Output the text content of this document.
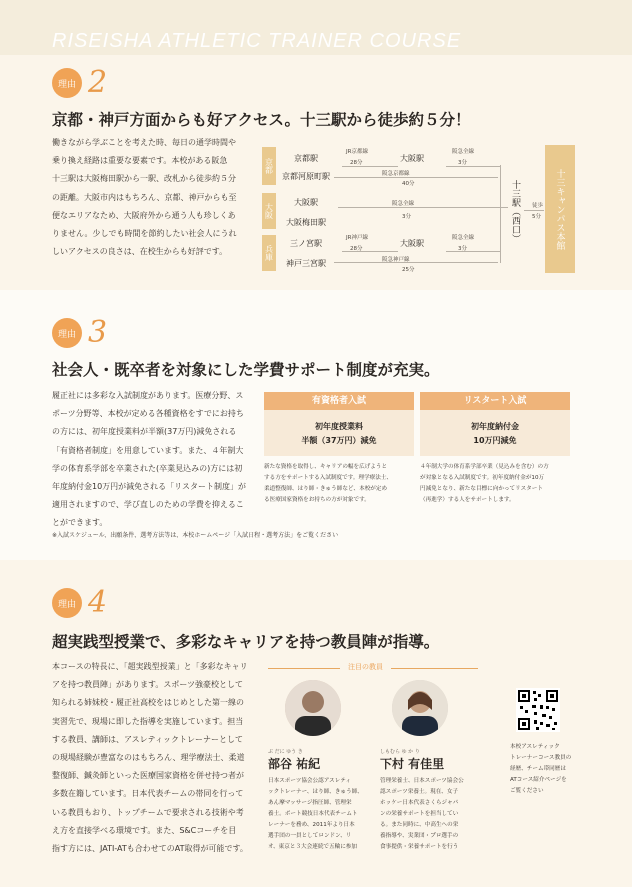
RISEISHA ATHLETIC TRAINER COURSE
理由 2
京都・神戸方面からも好アクセス。十三駅から徒歩約５分！
働きながら学ぶことを考えた時、毎日の通学時間や
乗り換え経路は重要な要素です。本校がある阪急
十三駅は大阪梅田駅から一駅、改札から徒歩約５分
の距離。大阪市内はもちろん、京都、神戸からも至
便なエリアなため、大阪府外から通う人も珍しくあ
りません。少しでも時間を節約したい社会人にうれ
しいアクセスの良さは、在校生からも好評です。
京都
大阪
兵庫
京都駅
京都河原町駅
大阪駅
大阪梅田駅
三ノ宮駅
神戸三宮駅
JR京都線
28分
阪急京都線
40分
阪急全線
3分
阪急全線
3分
JR神戸線
28分
阪急全線
3分
阪急神戸線
25分
大阪駅
大阪駅
十三駅（西口）	徒歩
5分	十三キャンパス本館
理由 3
社会人・既卒者を対象にした学費サポート制度が充実。
履正社には多彩な入試制度があります。医療分野、ス
ポーツ分野等、本校が定める各種資格をすでにお持ち
の方には、初年度授業料が半額(37万円)減免される
「有資格者制度」を用意しています。また、４年制大
学の体育系学部を卒業された(卒業見込みの)方には初
年度納付金10万円が減免される「リスタート制度」が
適用されますので、学び直しのための学費を抑えるこ
とができます。
有資格者入試
初年度授業料
半額（37万円）減免
新たな資格を取得し、キャリアの幅を広げようと
する方をサポートする入試制度です。理学療法士、
柔道整復師、はり師・きゅう師など、本校が定め
る医療国家資格をお持ちの方が対象です。
リスタート入試
初年度納付金
10万円減免
４年制大学の体育系学部卒業（見込みを含む）の方
が対象となる入試制度です。初年度納付金が10万
円減免となり、新たな目標に向かってリスタート
（再進学）する人をサポートします。
※入試スケジュール、出願条件、選考方法等は、本校ホームページ「入試日程・選考方法」をご覧ください
理由 4
超実践型授業で、多彩なキャリアを持つ教員陣が指導。
本コースの特長に、「超実践型授業」と「多彩なキャリ
アを持つ教員陣」があります。スポーツ強豪校として
知られる姉妹校・履正社高校をはじめとした第一線の
実習先で、現場に即した指導を実施しています。担当
する教員、講師は、アスレティックトレーナーとして
の現場経験が豊富なのはもちろん、理学療法士、柔道
整復師、鍼灸師といった医療国家資格を併せ持つ者が
多数在籍しています。日本代表チームの帯同を行って
いる教員もおり、トップチームで要求される技術や考
え方を直接学べる環境です。また、S&Cコーチを目
指す方には、JATI-ATも合わせてのAT取得が可能です。
注目の教員
ぶ だに ゆう き
部谷 祐紀
日本スポーツ協会公認アスレティ
ックトレーナー、はり師、きゅう師、
あん摩マッサージ指圧師、管理栄
養士。ボート競技日本代表チームト
レーナーを務め、2011年より日本
選手団の一員としてロンドン、リ
オ、東京と３大会連続で五輪に参加
しもむら ゆ か り
下村 有佳里
管理栄養士、日本スポーツ協会公
認スポーツ栄養士。現在、女子
ホッケー日本代表さくらジャパ
ンの栄養サポートを担当してい
る。また同時に、中高生への栄
養指導や、実業団・プロ選手の
食事提供・栄養サポートを行う
本校アスレティック
トレーナーコース教員の
経歴、チーム帯同歴は
ATコース紹介ページを
ご覧ください
